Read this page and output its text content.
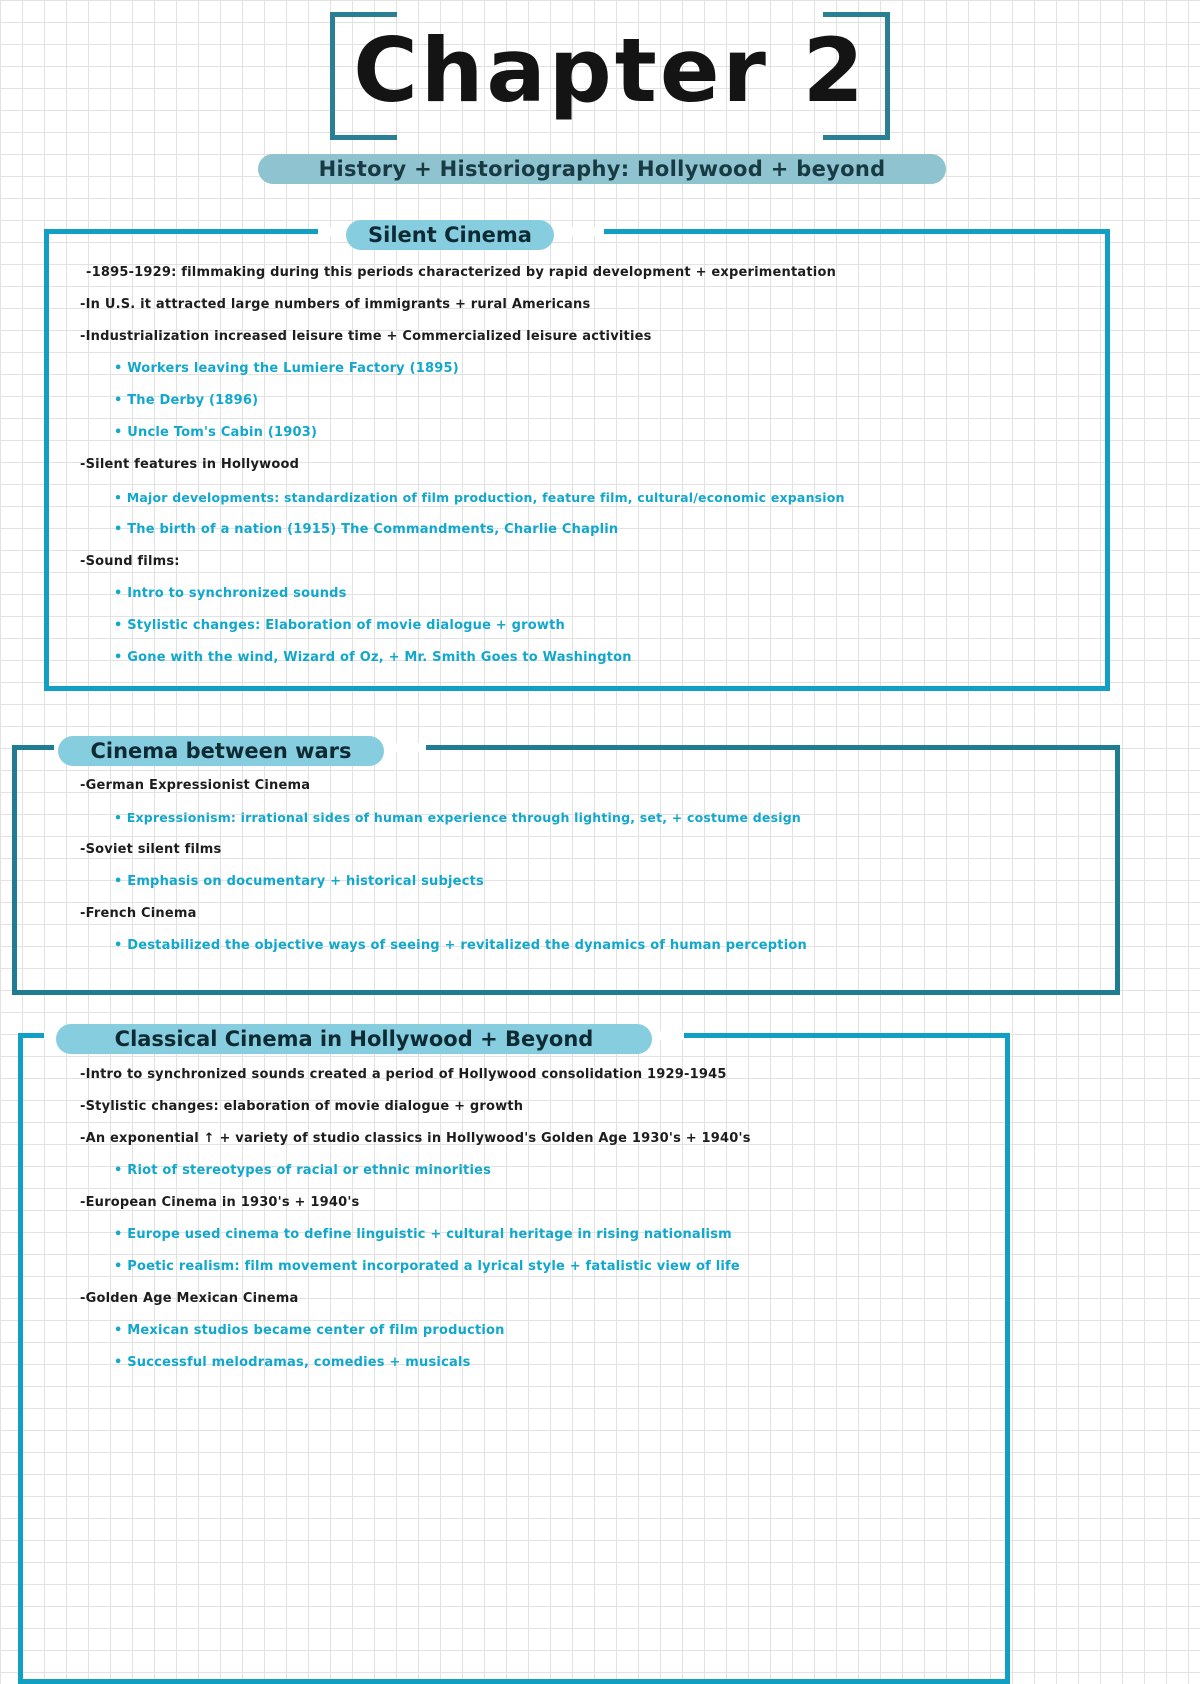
Chapter 2
History + Historiography: Hollywood + beyond
Silent Cinema
-1895-1929: filmmaking during this periods characterized by rapid development + experimentation
-In U.S. it attracted large numbers of immigrants + rural Americans
-Industrialization increased leisure time + Commercialized leisure activities
• Workers leaving the Lumiere Factory (1895)
• The Derby (1896)
• Uncle Tom's Cabin (1903)
-Silent features in Hollywood
• Major developments: standardization of film production, feature film, cultural/economic expansion
• The birth of a nation (1915) The Commandments, Charlie Chaplin
-Sound films:
• Intro to synchronized sounds
• Stylistic changes: Elaboration of movie dialogue + growth
• Gone with the wind, Wizard of Oz, + Mr. Smith Goes to Washington
Cinema between wars
-German Expressionist Cinema
• Expressionism: irrational sides of human experience through lighting, set, + costume design
-Soviet silent films
• Emphasis on documentary + historical subjects
-French Cinema
• Destabilized the objective ways of seeing + revitalized the dynamics of human perception
Classical Cinema in Hollywood + Beyond
-Intro to synchronized sounds created a period of Hollywood consolidation 1929-1945
-Stylistic changes: elaboration of movie dialogue + growth
-An exponential ↑ + variety of studio classics in Hollywood's Golden Age 1930's + 1940's
• Riot of stereotypes of racial or ethnic minorities
-European Cinema in 1930's + 1940's
• Europe used cinema to define linguistic + cultural heritage in rising nationalism
• Poetic realism: film movement incorporated a lyrical style + fatalistic view of life
-Golden Age Mexican Cinema
• Mexican studios became center of film production
• Successful melodramas, comedies + musicals
